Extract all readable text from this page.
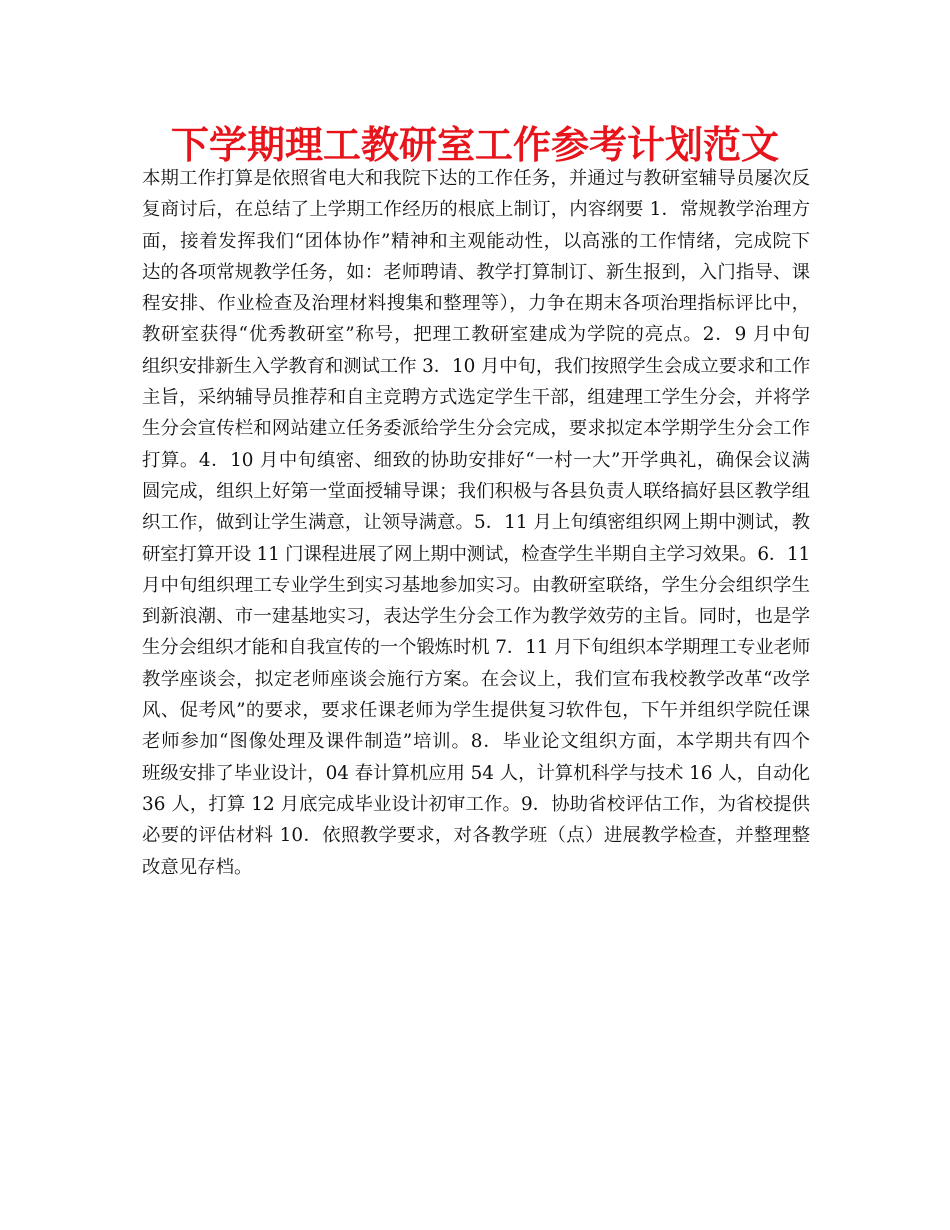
下学期理工教研室工作参考计划范文
本期工作打算是依照省电大和我院下达的工作任务，并通过与教研室辅导员屡次反
复商讨后，在总结了上学期工作经历的根底上制订，内容纲要 1．常规教学治理方
面，接着发挥我们“团体协作”精神和主观能动性，以高涨的工作情绪，完成院下
达的各项常规教学任务，如：老师聘请、教学打算制订、新生报到，入门指导、课
程安排、作业检查及治理材料搜集和整理等），力争在期末各项治理指标评比中，
教研室获得“优秀教研室”称号，把理工教研室建成为学院的亮点。2．9 月中旬
组织安排新生入学教育和测试工作 3．10 月中旬，我们按照学生会成立要求和工作
主旨，采纳辅导员推荐和自主竞聘方式选定学生干部，组建理工学生分会，并将学
生分会宣传栏和网站建立任务委派给学生分会完成，要求拟定本学期学生分会工作
打算。4．10 月中旬缜密、细致的协助安排好“一村一大”开学典礼，确保会议满
圆完成，组织上好第一堂面授辅导课；我们积极与各县负责人联络搞好县区教学组
织工作，做到让学生满意，让领导满意。5．11 月上旬缜密组织网上期中测试，教
研室打算开设 11 门课程进展了网上期中测试，检查学生半期自主学习效果。6．11
月中旬组织理工专业学生到实习基地参加实习。由教研室联络，学生分会组织学生
到新浪潮、市一建基地实习，表达学生分会工作为教学效劳的主旨。同时，也是学
生分会组织才能和自我宣传的一个锻炼时机 7．11 月下旬组织本学期理工专业老师
教学座谈会，拟定老师座谈会施行方案。在会议上，我们宣布我校教学改革“改学
风、促考风”的要求，要求任课老师为学生提供复习软件包，下午并组织学院任课
老师参加“图像处理及课件制造”培训。8．毕业论文组织方面，本学期共有四个
班级安排了毕业设计，04 春计算机应用 54 人，计算机科学与技术 16 人，自动化
36 人，打算 12 月底完成毕业设计初审工作。9．协助省校评估工作，为省校提供
必要的评估材料 10．依照教学要求，对各教学班（点）进展教学检查，并整理整
改意见存档。
